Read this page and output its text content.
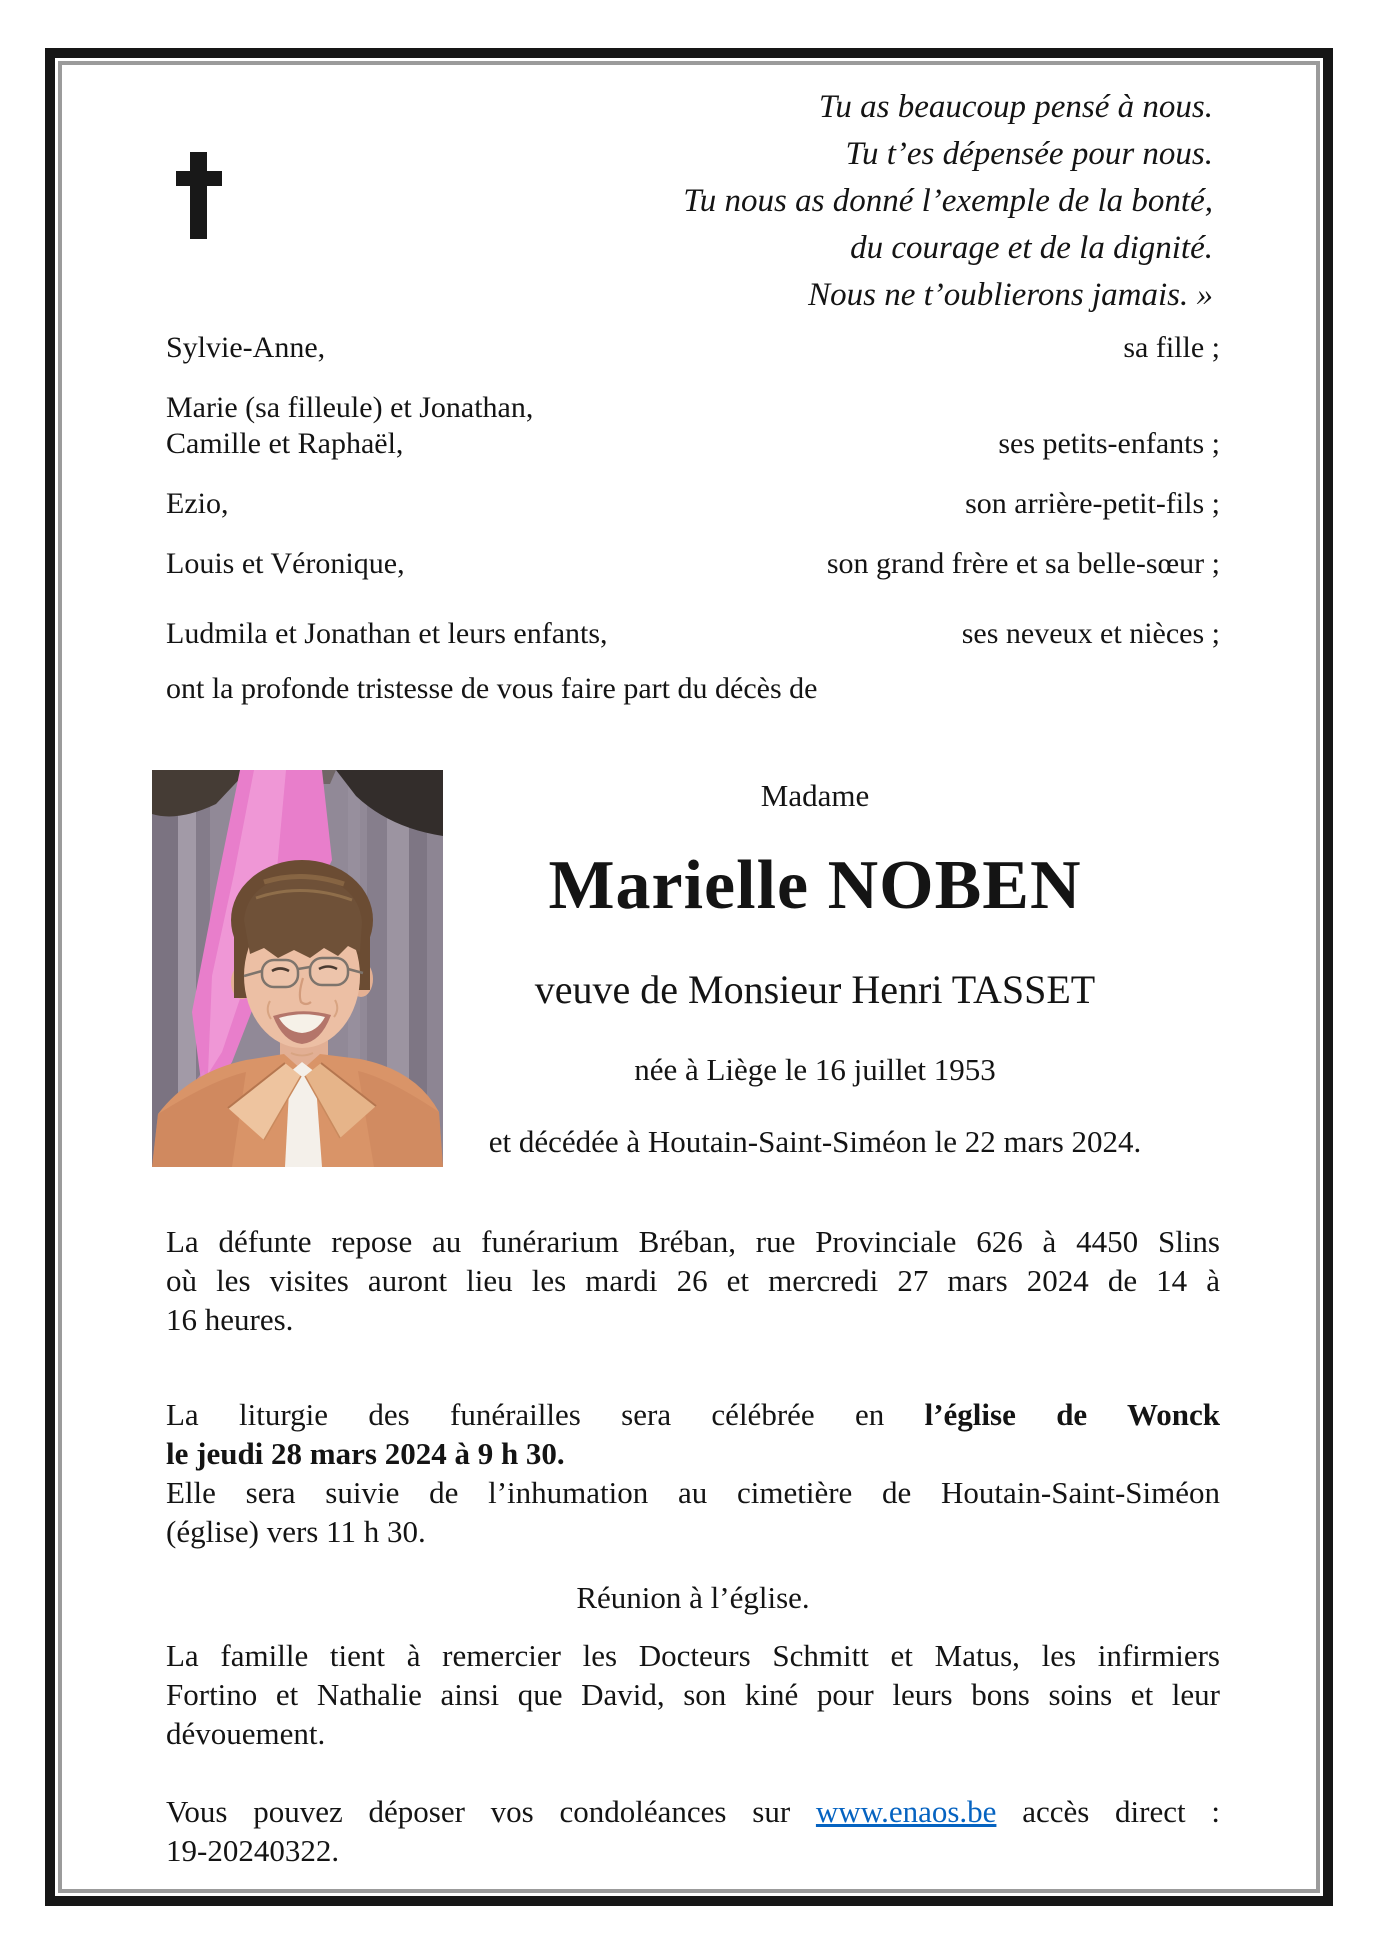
Tu as beaucoup pensé à nous.
Tu t’es dépensée pour nous.
Tu nous as donné l’exemple de la bonté,
du courage et de la dignité.
Nous ne t’oublierons jamais. »
Sylvie-Anne,	sa fille ;
Marie (sa filleule) et Jonathan,
Camille et Raphaël,	ses petits-enfants ;
Ezio,	son arrière-petit-fils ;
Louis et Véronique,	son grand frère et sa belle-sœur ;
Ludmila et Jonathan et leurs enfants,	ses neveux et nièces ;
ont la profonde tristesse de vous faire part du décès de
Madame
Marielle NOBEN
veuve de Monsieur Henri TASSET
née à Liège le 16 juillet 1953
et décédée à Houtain-Saint-Siméon le 22 mars 2024.
La défunte repose au funérarium Bréban, rue Provinciale 626 à 4450 Slins
où les visites auront lieu les mardi 26 et mercredi 27 mars 2024 de 14 à
16 heures.
La liturgie des funérailles sera célébrée en l’église de Wonck
le jeudi 28 mars 2024 à 9 h 30.
Elle sera suivie de l’inhumation au cimetière de Houtain-Saint-Siméon
(église) vers 11 h 30.
Réunion à l’église.
La famille tient à remercier les Docteurs Schmitt et Matus, les infirmiers
Fortino et Nathalie ainsi que David, son kiné pour leurs bons soins et leur
dévouement.
Vous pouvez déposer vos condoléances sur www.enaos.be accès direct :
19-20240322.
